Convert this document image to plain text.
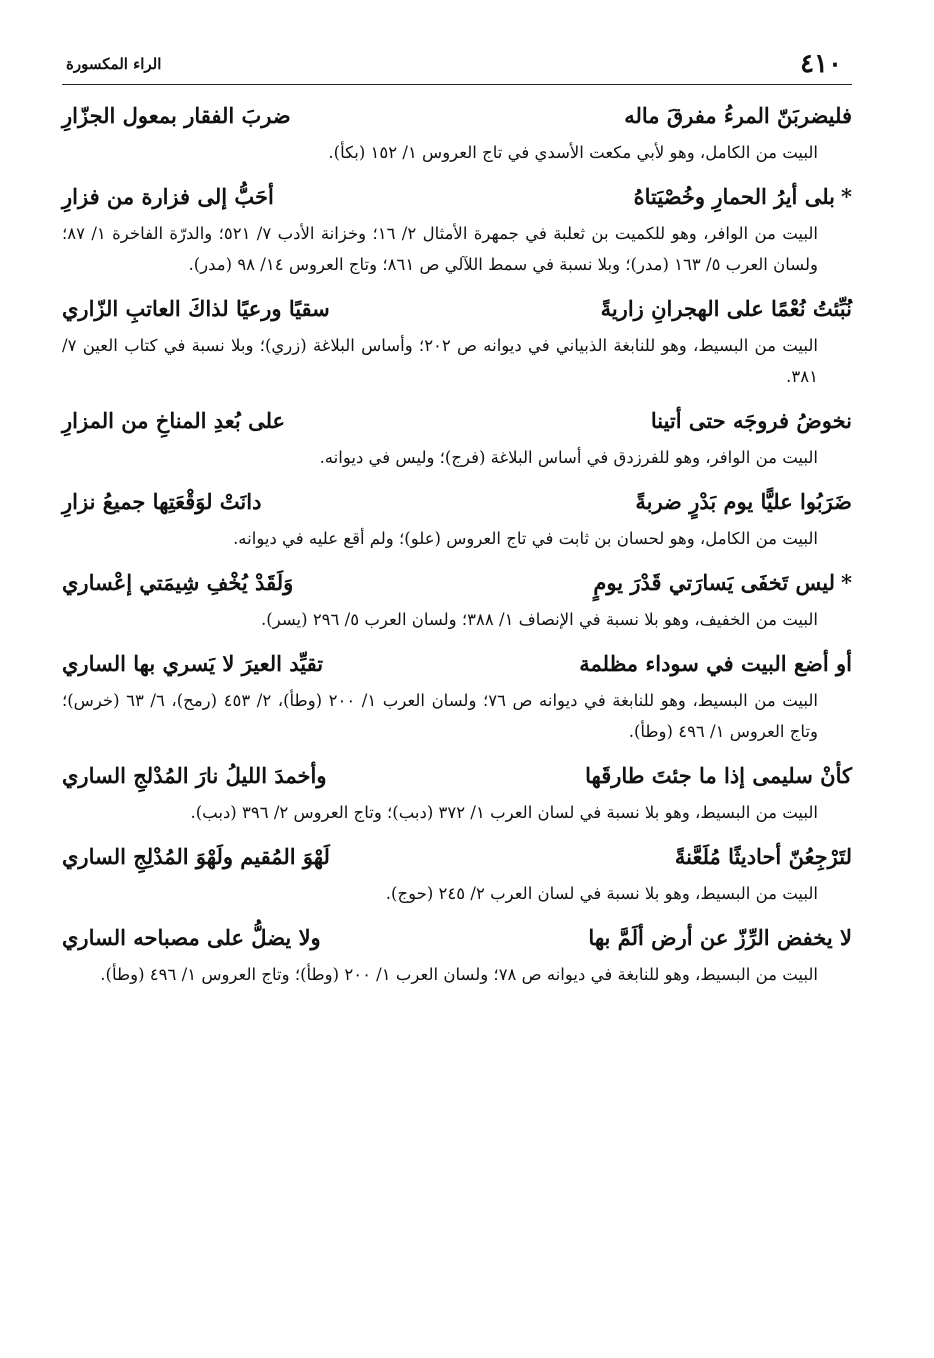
٤١٠
الراء المكسورة
فليضربَنّ المرءُ مفرقَ ماله
ضربَ الفقار بمعول الجزّارِ
البيت من الكامل، وهو لأبي مكعت الأسدي في تاج العروس ١/ ١٥٢ (بكأ).
*بلى أيرُ الحمارِ وخُصْيَتاهُ
أحَبُّ إلى فزارة من فزارِ
البيت من الوافر، وهو للكميت بن ثعلبة في جمهرة الأمثال ٢/ ١٦؛ وخزانة الأدب ٧/ ٥٢١؛ والدرّة الفاخرة ١/ ٨٧؛ ولسان العرب ٥/ ١٦٣ (مدر)؛ وبلا نسبة في سمط اللآلي ص ٨٦١؛ وتاج العروس ١٤/ ٩٨ (مدر).
نُبِّئتُ نُعْمًا على الهجرانِ زاريةً
سقيًا ورعيًا لذاكَ العاتبِ الزّاري
البيت من البسيط، وهو للنابغة الذبياني في ديوانه ص ٢٠٢؛ وأساس البلاغة (زري)؛ وبلا نسبة في كتاب العين ٧/ ٣٨١.
نخوضُ فروجَه حتى أتينا
على بُعدِ المناخِ من المزارِ
البيت من الوافر، وهو للفرزدق في أساس البلاغة (فرج)؛ وليس في ديوانه.
ضَرَبُوا عليًّا يوم بَدْرٍ ضربةً
دانَتْ لوَقْعَتِها جميعُ نزارِ
البيت من الكامل، وهو لحسان بن ثابت في تاج العروس (علو)؛ ولم أقع عليه في ديوانه.
*ليس تَخفَى يَسارَتي قَدْرَ يومٍ
وَلَقَدْ يُخْفِ شِيمَتي إعْساري
البيت من الخفيف، وهو بلا نسبة في الإنصاف ١/ ٣٨٨؛ ولسان العرب ٥/ ٢٩٦ (يسر).
أو أضع البيت في سوداء مظلمة
تقيِّد العيرَ لا يَسري بها الساري
البيت من البسيط، وهو للنابغة في ديوانه ص ٧٦؛ ولسان العرب ١/ ٢٠٠ (وطأ)، ٢/ ٤٥٣ (رمح)، ٦/ ٦٣ (خرس)؛ وتاج العروس ١/ ٤٩٦ (وطأ).
كأنْ سليمى إذا ما جئتَ طارقَها
وأخمدَ الليلُ نارَ المُدْلجِ الساري
البيت من البسيط، وهو بلا نسبة في لسان العرب ١/ ٣٧٢ (دبب)؛ وتاج العروس ٢/ ٣٩٦ (دبب).
لتَرْجِعُنّ أحاديثًا مُلَعَّنةً
لَهْوَ المُقيم ولَهْوَ المُدْلِجِ الساري
البيت من البسيط، وهو بلا نسبة في لسان العرب ٢/ ٢٤٥ (حوج).
لا يخفض الرِّزّ عن أرض ألَمَّ بها
ولا يضلُّ على مصباحه الساري
البيت من البسيط، وهو للنابغة في ديوانه ص ٧٨؛ ولسان العرب ١/ ٢٠٠ (وطأ)؛ وتاج العروس ١/ ٤٩٦ (وطأ).
